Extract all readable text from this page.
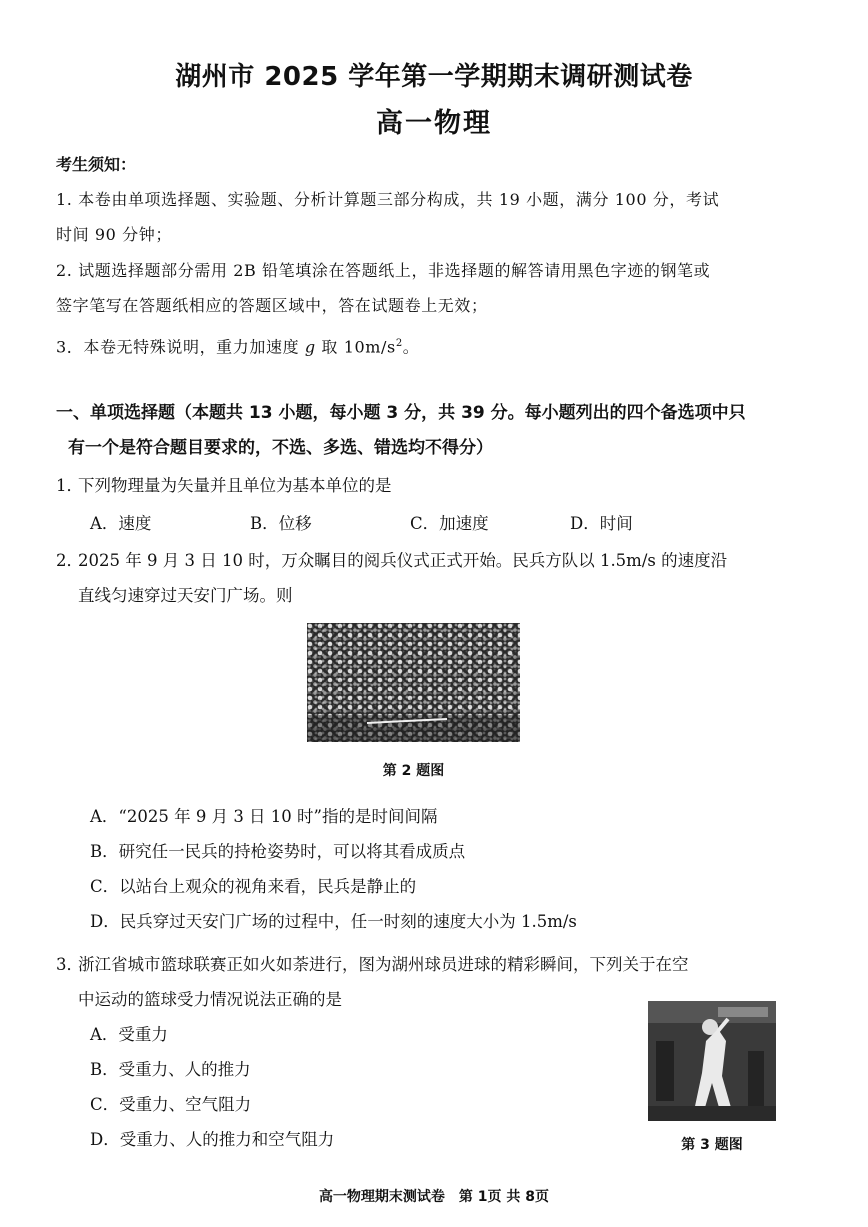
湖州市 2025 学年第一学期期末调研测试卷
高一物理
考生须知：
1. 本卷由单项选择题、实验题、分析计算题三部分构成，共 19 小题，满分 100 分，考试
时间 90 分钟；
2. 试题选择题部分需用 2B 铅笔填涂在答题纸上，非选择题的解答请用黑色字迹的钢笔或
签字笔写在答题纸相应的答题区域中，答在试题卷上无效；
3．本卷无特殊说明，重力加速度 g 取 $10m/s^2$。
一、单项选择题（本题共 13 小题，每小题 3 分，共 39 分。每小题列出的四个备选项中只
有一个是符合题目要求的，不选、多选、错选均不得分）
1．下列物理量为矢量并且单位为基本单位的是
A．速度	B．位移	C．加速度	D．时间
2．2025 年 9 月 3 日 10 时，万众瞩目的阅兵仪式正式开始。民兵方队以 1.5m/s 的速度沿
直线匀速穿过天安门广场。则
第 2 题图
A．“2025 年 9 月 3 日 10 时”指的是时间间隔
B．研究任一民兵的持枪姿势时，可以将其看成质点
C．以站台上观众的视角来看，民兵是静止的
D．民兵穿过天安门广场的过程中，任一时刻的速度大小为 1.5m/s
3．浙江省城市篮球联赛正如火如荼进行，图为湖州球员进球的精彩瞬间，下列关于在空
中运动的篮球受力情况说法正确的是
A．受重力
B．受重力、人的推力
C．受重力、空气阻力
D．受重力、人的推力和空气阻力	第 3 题图
高一物理期末测试卷　第 1页 共 8页
